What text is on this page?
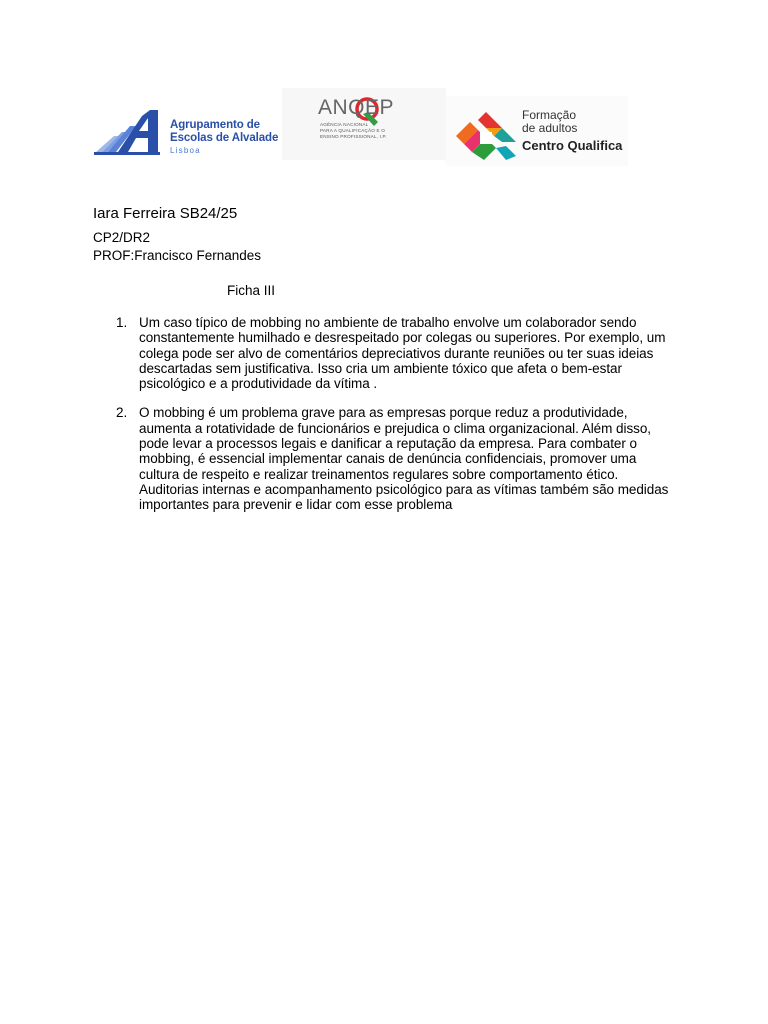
Agrupamento de
Escolas de Alvalade
Lisboa
ANQEP
AGÊNCIA NACIONAL
PARA A QUALIFICAÇÃO E O
ENSINO PROFISSIONAL, I.P.
Formação
de adultos
Centro Qualifica
Iara Ferreira SB24/25
CP2/DR2
PROF:Francisco Fernandes
Ficha III
1. Um caso típico de mobbing no ambiente de trabalho envolve um colaborador sendo constantemente humilhado e desrespeitado por colegas ou superiores. Por exemplo, um colega pode ser alvo de comentários depreciativos durante reuniões ou ter suas ideias descartadas sem justificativa. Isso cria um ambiente tóxico que afeta o bem-estar psicológico e a produtividade da vítima .
2. O mobbing é um problema grave para as empresas porque reduz a produtividade, aumenta a rotatividade de funcionários e prejudica o clima organizacional. Além disso, pode levar a processos legais e danificar a reputação da empresa. Para combater o mobbing, é essencial implementar canais de denúncia confidenciais, promover uma cultura de respeito e realizar treinamentos regulares sobre comportamento ético. Auditorias internas e acompanhamento psicológico para as vítimas também são medidas importantes para prevenir e lidar com esse problema
